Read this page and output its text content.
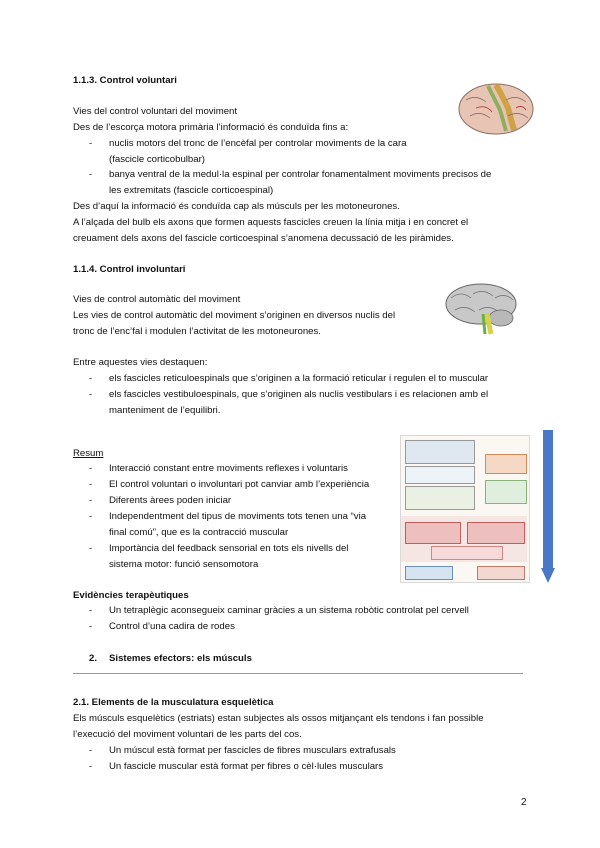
1.1.3. Control voluntari
Vies del control voluntari del moviment
Des de l’escorça motora primària l’informació és conduïda fins a:
- nuclis motors del tronc de l’encèfal per controlar moviments de la cara
(fascicle corticobulbar)
- banya ventral de la medul·la espinal per controlar fonamentalment moviments precisos de
les extremitats (fascicle corticoespinal)
Des d’aquí la informació és conduïda cap als músculs per les motoneurones.
A l’alçada del bulb els axons que formen aquests fascicles creuen la línia mitja i en concret el
creuament dels axons del fascicle corticoespinal s’anomena decussació de les piràmides.
1.1.4. Control involuntari
Vies de control automàtic del moviment
Les vies de control automàtic del moviment s’originen en diversos nuclis del
tronc de l’enc’fal i modulen l’activitat de les motoneurones.
Entre aquestes vies destaquen:
- els fascicles reticuloespinals que s’originen a la formació reticular i regulen el to muscular
- els fascicles vestibuloespinals, que s’originen als nuclis vestibulars i es relacionen amb el
manteniment de l’equilibri.
Resum
- Interacció constant entre moviments reflexes i voluntaris
- El control voluntari o involuntari pot canviar amb l’experiència
- Diferents àrees poden iniciar
- Independentment del tipus de moviments tots tenen una “via
final comú”, que es la contracció muscular
- Importància del feedback sensorial en tots els nivells del
sistema motor: funció sensomotora
Evidències terapèutiques
- Un tetraplègic aconsegueix caminar gràcies a un sistema robòtic controlat pel cervell
- Control d’una cadira de rodes
2. Sistemes efectors: els músculs
2.1. Elements de la musculatura esquelètica
Els músculs esquelètics (estriats) estan subjectes als ossos mitjançant els tendons i fan possible
l’execució del moviment voluntari de les parts del cos.
- Un múscul està format per fascicles de fibres musculars extrafusals
- Un fascicle muscular està format per fibres o cèl·lules musculars
2
